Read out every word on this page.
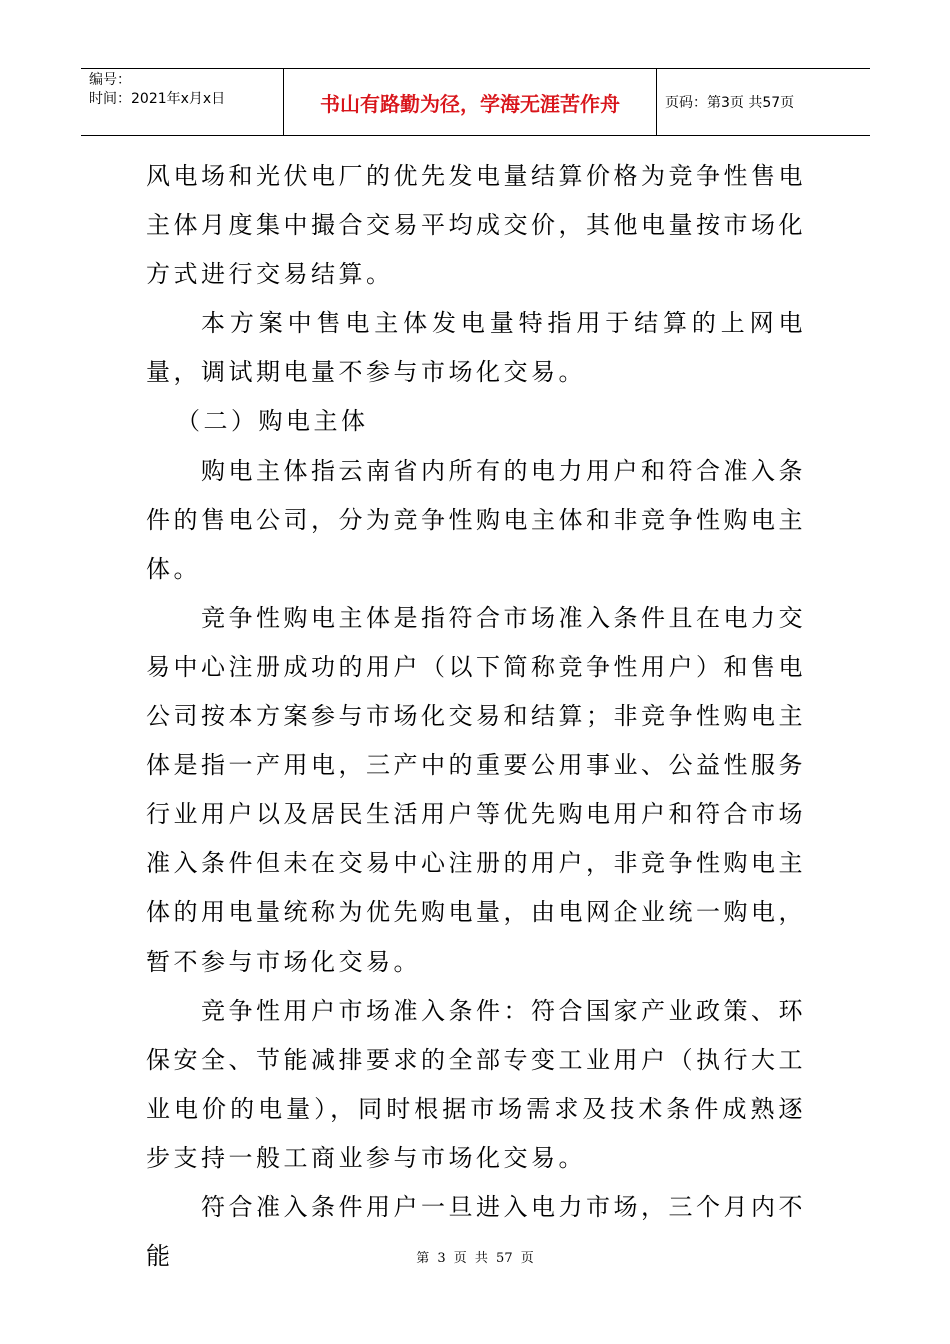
编号：
时间：2021年x月x日	书山有路勤为径，学海无涯苦作舟	页码：第3页 共57页

风电场和光伏电厂的优先发电量结算价格为竞争性售电主体月度集中撮合交易平均成交价，其他电量按市场化方式进行交易结算。

本方案中售电主体发电量特指用于结算的上网电量，调试期电量不参与市场化交易。

（二）购电主体

购电主体指云南省内所有的电力用户和符合准入条件的售电公司，分为竞争性购电主体和非竞争性购电主体。

竞争性购电主体是指符合市场准入条件且在电力交易中心注册成功的用户（以下简称竞争性用户）和售电公司按本方案参与市场化交易和结算；非竞争性购电主体是指一产用电，三产中的重要公用事业、公益性服务行业用户以及居民生活用户等优先购电用户和符合市场准入条件但未在交易中心注册的用户，非竞争性购电主体的用电量统称为优先购电量，由电网企业统一购电，暂不参与市场化交易。

竞争性用户市场准入条件：符合国家产业政策、环保安全、节能减排要求的全部专变工业用户（执行大工业电价的电量），同时根据市场需求及技术条件成熟逐步支持一般工商业参与市场化交易。

符合准入条件用户一旦进入电力市场，三个月内不能	第 3 页 共 57 页
